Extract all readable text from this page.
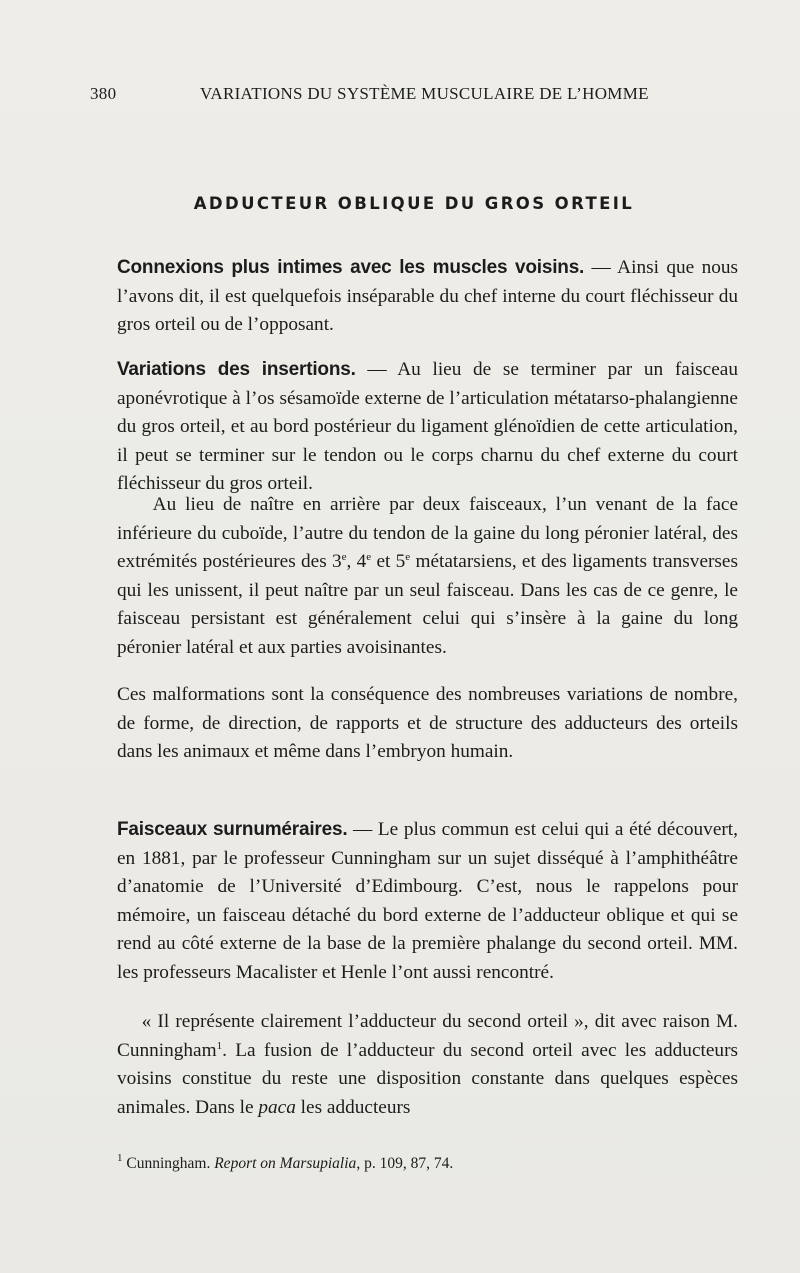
380	VARIATIONS DU SYSTÈME MUSCULAIRE DE L’HOMME
ADDUCTEUR OBLIQUE DU GROS ORTEIL

Connexions plus intimes avec les muscles voisins. — Ainsi que nous l’avons dit, il est quelquefois inséparable du chef interne du court fléchisseur du gros orteil ou de l’opposant.

Variations des insertions. — Au lieu de se terminer par un faisceau aponévrotique à l’os sésamoïde externe de l’articulation métatarso-phalangienne du gros orteil, et au bord postérieur du ligament glénoïdien de cette articulation, il peut se terminer sur le tendon ou le corps charnu du chef externe du court fléchisseur du gros orteil.

Au lieu de naître en arrière par deux faisceaux, l’un venant de la face inférieure du cuboïde, l’autre du tendon de la gaine du long péronier latéral, des extrémités postérieures des 3e, 4e et 5e métatarsiens, et des ligaments transverses qui les unissent, il peut naître par un seul faisceau. Dans les cas de ce genre, le faisceau persistant est généralement celui qui s’insère à la gaine du long péronier latéral et aux parties avoisinantes.

Ces malformations sont la conséquence des nombreuses variations de nombre, de forme, de direction, de rapports et de structure des adducteurs des orteils dans les animaux et même dans l’embryon humain.

Faisceaux surnuméraires. — Le plus commun est celui qui a été découvert, en 1881, par le professeur Cunningham sur un sujet disséqué à l’amphithéâtre d’anatomie de l’Université d’Edimbourg. C’est, nous le rappelons pour mémoire, un faisceau détaché du bord externe de l’adducteur oblique et qui se rend au côté externe de la base de la première phalange du second orteil. MM. les professeurs Macalister et Henle l’ont aussi rencontré.

« Il représente clairement l’adducteur du second orteil », dit avec raison M. Cunningham$^1$. La fusion de l’adducteur du second orteil avec les adducteurs voisins constitue du reste une disposition constante dans quelques espèces animales. Dans le paca les adducteurs

$^1$ Cunningham. Report on Marsupialia, p. 109, 87, 74.
